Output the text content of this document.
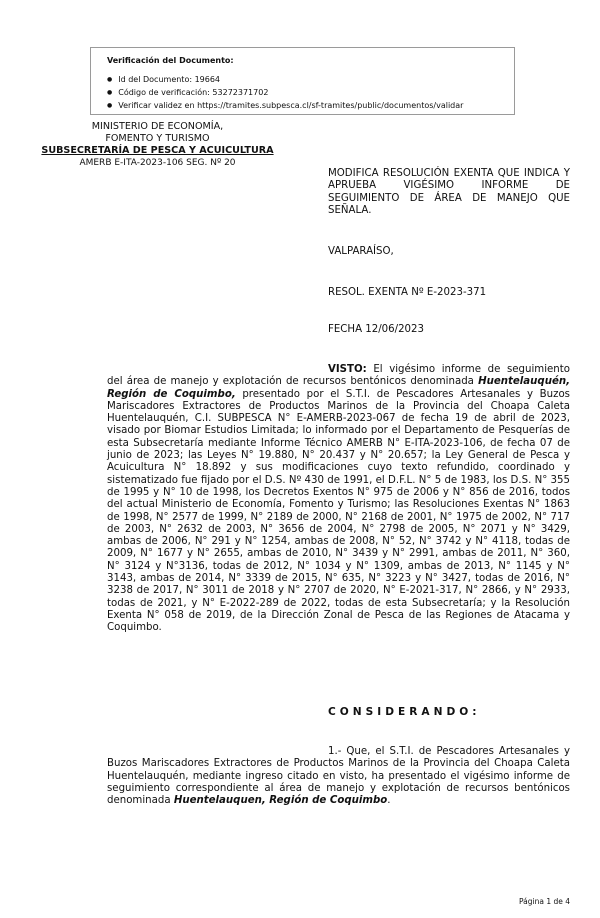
Verificación del Documento:
● Id del Documento: 19664
● Código de verificación: 53272371702
● Verificar validez en https://tramites.subpesca.cl/sf-tramites/public/documentos/validar
MINISTERIO DE ECONOMÍA,
FOMENTO Y TURISMO
SUBSECRETARÍA DE PESCA Y ACUICULTURA
AMERB E-ITA-2023-106 SEG. Nº 20
MODIFICA RESOLUCIÓN EXENTA QUE INDICA Y APRUEBA VIGÉSIMO INFORME DE SEGUIMIENTO DE ÁREA DE MANEJO QUE SEÑALA.
VALPARAÍSO,
RESOL. EXENTA Nº E-2023-371
FECHA 12/06/2023
VISTO: El vigésimo informe de seguimiento del área de manejo y explotación de recursos bentónicos denominada Huentelauquén, Región de Coquimbo, presentado por el S.T.I. de Pescadores Artesanales y Buzos Mariscadores Extractores de Productos Marinos de la Provincia del Choapa Caleta Huentelauquén, C.I. SUBPESCA N° E-AMERB-2023-067 de fecha 19 de abril de 2023, visado por Biomar Estudios Limitada; lo informado por el Departamento de Pesquerías de esta Subsecretaría mediante Informe Técnico AMERB N° E-ITA-2023-106, de fecha 07 de junio de 2023; las Leyes N° 19.880, N° 20.437 y N° 20.657; la Ley General de Pesca y Acuicultura N° 18.892 y sus modificaciones cuyo texto refundido, coordinado y sistematizado fue fijado por el D.S. Nº 430 de 1991, el D.F.L. N° 5 de 1983, los D.S. N° 355 de 1995 y N° 10 de 1998, los Decretos Exentos N° 975 de 2006 y N° 856 de 2016, todos del actual Ministerio de Economía, Fomento y Turismo; las Resoluciones Exentas N° 1863 de 1998, N° 2577 de 1999, N° 2189 de 2000, N° 2168 de 2001, N° 1975 de 2002, N° 717 de 2003, N° 2632 de 2003, N° 3656 de 2004, N° 2798 de 2005, N° 2071 y N° 3429, ambas de 2006, N° 291 y N° 1254, ambas de 2008, N° 52, N° 3742 y N° 4118, todas de 2009, N° 1677 y N° 2655, ambas de 2010, N° 3439 y N° 2991, ambas de 2011, N° 360, N° 3124 y N°3136, todas de 2012, N° 1034 y N° 1309, ambas de 2013, N° 1145 y N° 3143, ambas de 2014, N° 3339 de 2015, N° 635, N° 3223 y N° 3427, todas de 2016, N° 3238 de 2017, N° 3011 de 2018 y N° 2707 de 2020, N° E-2021-317, N° 2866, y N° 2933, todas de 2021, y N° E-2022-289 de 2022, todas de esta Subsecretaría; y la Resolución Exenta N° 058 de 2019, de la Dirección Zonal de Pesca de las Regiones de Atacama y Coquimbo.
CONSIDERANDO:
1.- Que, el S.T.I. de Pescadores Artesanales y Buzos Mariscadores Extractores de Productos Marinos de la Provincia del Choapa Caleta Huentelauquén, mediante ingreso citado en visto, ha presentado el vigésimo informe de seguimiento correspondiente al área de manejo y explotación de recursos bentónicos denominada Huentelauquen, Región de Coquimbo.
Página 1 de 4
